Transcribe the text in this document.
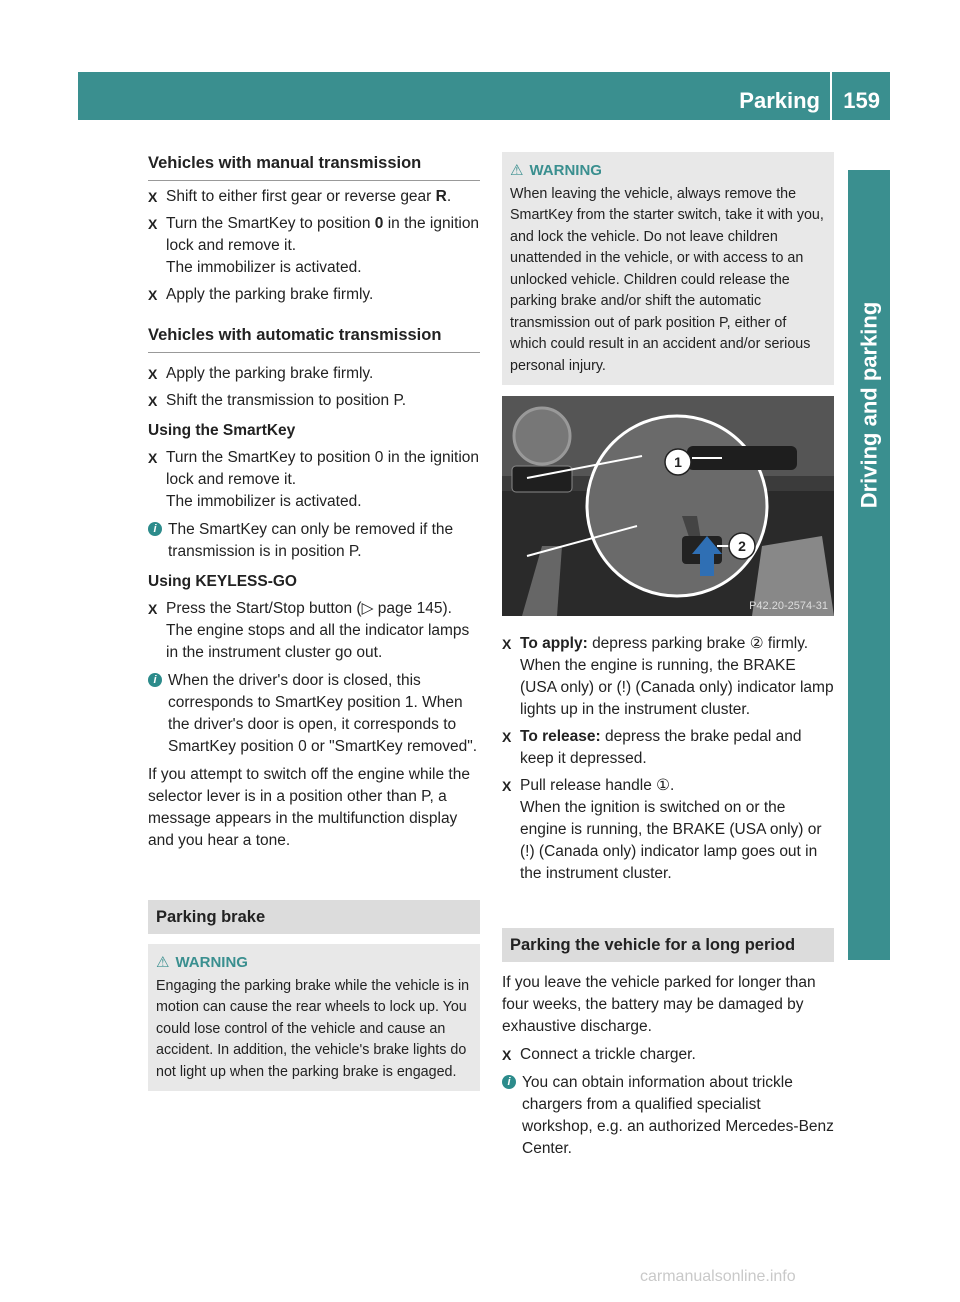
Parking 159
Driving and parking
Vehicles with manual transmission
X Shift to either first gear or reverse gear R.
X Turn the SmartKey to position 0 in the ignition lock and remove it.
The immobilizer is activated.
X Apply the parking brake firmly.
Vehicles with automatic transmission
X Apply the parking brake firmly.
X Shift the transmission to position P.
Using the SmartKey
X Turn the SmartKey to position 0 in the ignition lock and remove it.
The immobilizer is activated.
i The SmartKey can only be removed if the transmission is in position P.
Using KEYLESS-GO
X Press the Start/Stop button (▷ page 145). The engine stops and all the indicator lamps in the instrument cluster go out.
i When the driver's door is closed, this corresponds to SmartKey position 1. When the driver's door is open, it corresponds to SmartKey position 0 or "SmartKey removed".
If you attempt to switch off the engine while the selector lever is in a position other than P, a message appears in the multifunction display and you hear a tone.
Parking brake
⚠ WARNING
Engaging the parking brake while the vehicle is in motion can cause the rear wheels to lock up. You could lose control of the vehicle and cause an accident. In addition, the vehicle's brake lights do not light up when the parking brake is engaged.
⚠ WARNING
When leaving the vehicle, always remove the SmartKey from the starter switch, take it with you, and lock the vehicle. Do not leave children unattended in the vehicle, or with access to an unlocked vehicle. Children could release the parking brake and/or shift the automatic transmission out of park position P, either of which could result in an accident and/or serious personal injury.
1
2
P42.20-2574-31
X To apply: depress parking brake ② firmly.
When the engine is running, the BRAKE (USA only) or (!) (Canada only) indicator lamp lights up in the instrument cluster.
X To release: depress the brake pedal and keep it depressed.
X Pull release handle ①.
When the ignition is switched on or the engine is running, the BRAKE (USA only) or (!) (Canada only) indicator lamp goes out in the instrument cluster.
Parking the vehicle for a long period
If you leave the vehicle parked for longer than four weeks, the battery may be damaged by exhaustive discharge.
X Connect a trickle charger.
i You can obtain information about trickle chargers from a qualified specialist workshop, e.g. an authorized Mercedes-Benz Center.
carmanualsonline.info
